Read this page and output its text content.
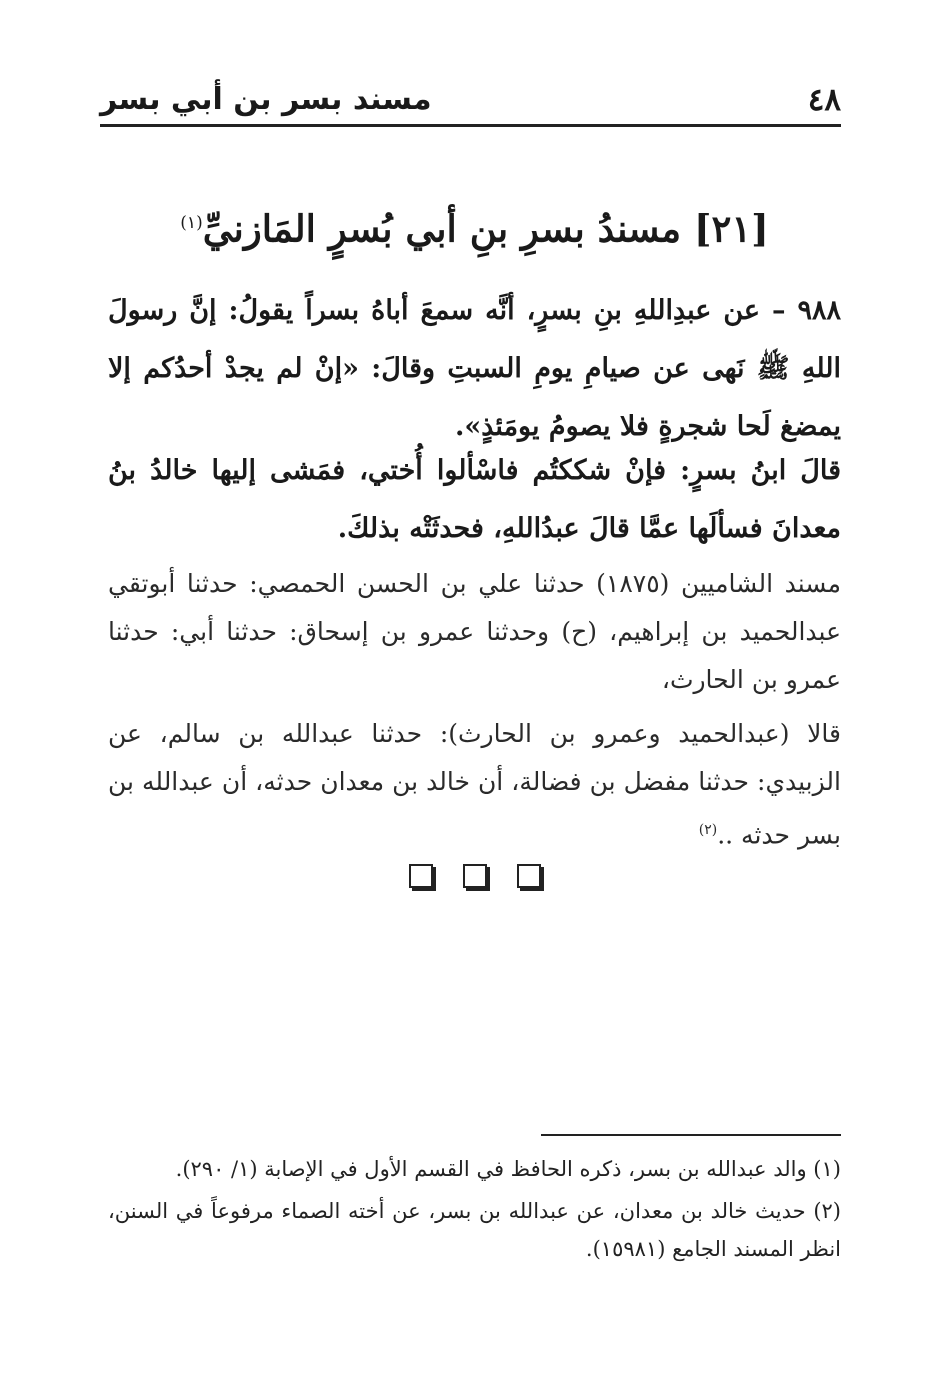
٤٨
مسند بسر بن أبي بسر
[٢١] مسندُ بسرِ بنِ أبي بُسرٍ المَازنيِّ$^{(١)}$

٩٨٨ – عن عبدِاللهِ بنِ بسرٍ، أنَّه سمعَ أباهُ بسراً يقولُ: إنَّ رسولَ اللهِ ﷺ نَهى عن صيامِ يومِ السبتِ وقالَ: «إنْ لم يجدْ أحدُكم إلا يمضغ لَحا شجرةٍ فلا يصومُ يومَئذٍ».

قالَ ابنُ بسرٍ: فإنْ شككتُم فاسْألوا أُختي، فمَشى إليها خالدُ بنُ معدانَ فسألَها عمَّا قالَ عبدُاللهِ، فحدثَتْه بذلكَ.

مسند الشاميين (١٨٧٥) حدثنا علي بن الحسن الحمصي: حدثنا أبوتقي عبدالحميد بن إبراهيم، (ح) وحدثنا عمرو بن إسحاق: حدثنا أبي: حدثنا عمرو بن الحارث،

قالا (عبدالحميد وعمرو بن الحارث): حدثنا عبدالله بن سالم، عن الزبيدي: حدثنا مفضل بن فضالة، أن خالد بن معدان حدثه، أن عبدالله بن بسر حدثه ..$^{(٢)}$

(١) والد عبدالله بن بسر، ذكره الحافظ في القسم الأول في الإصابة (١/ ٢٩٠).

(٢) حديث خالد بن معدان، عن عبدالله بن بسر، عن أخته الصماء مرفوعاً في السنن، انظر المسند الجامع (١٥٩٨١).
